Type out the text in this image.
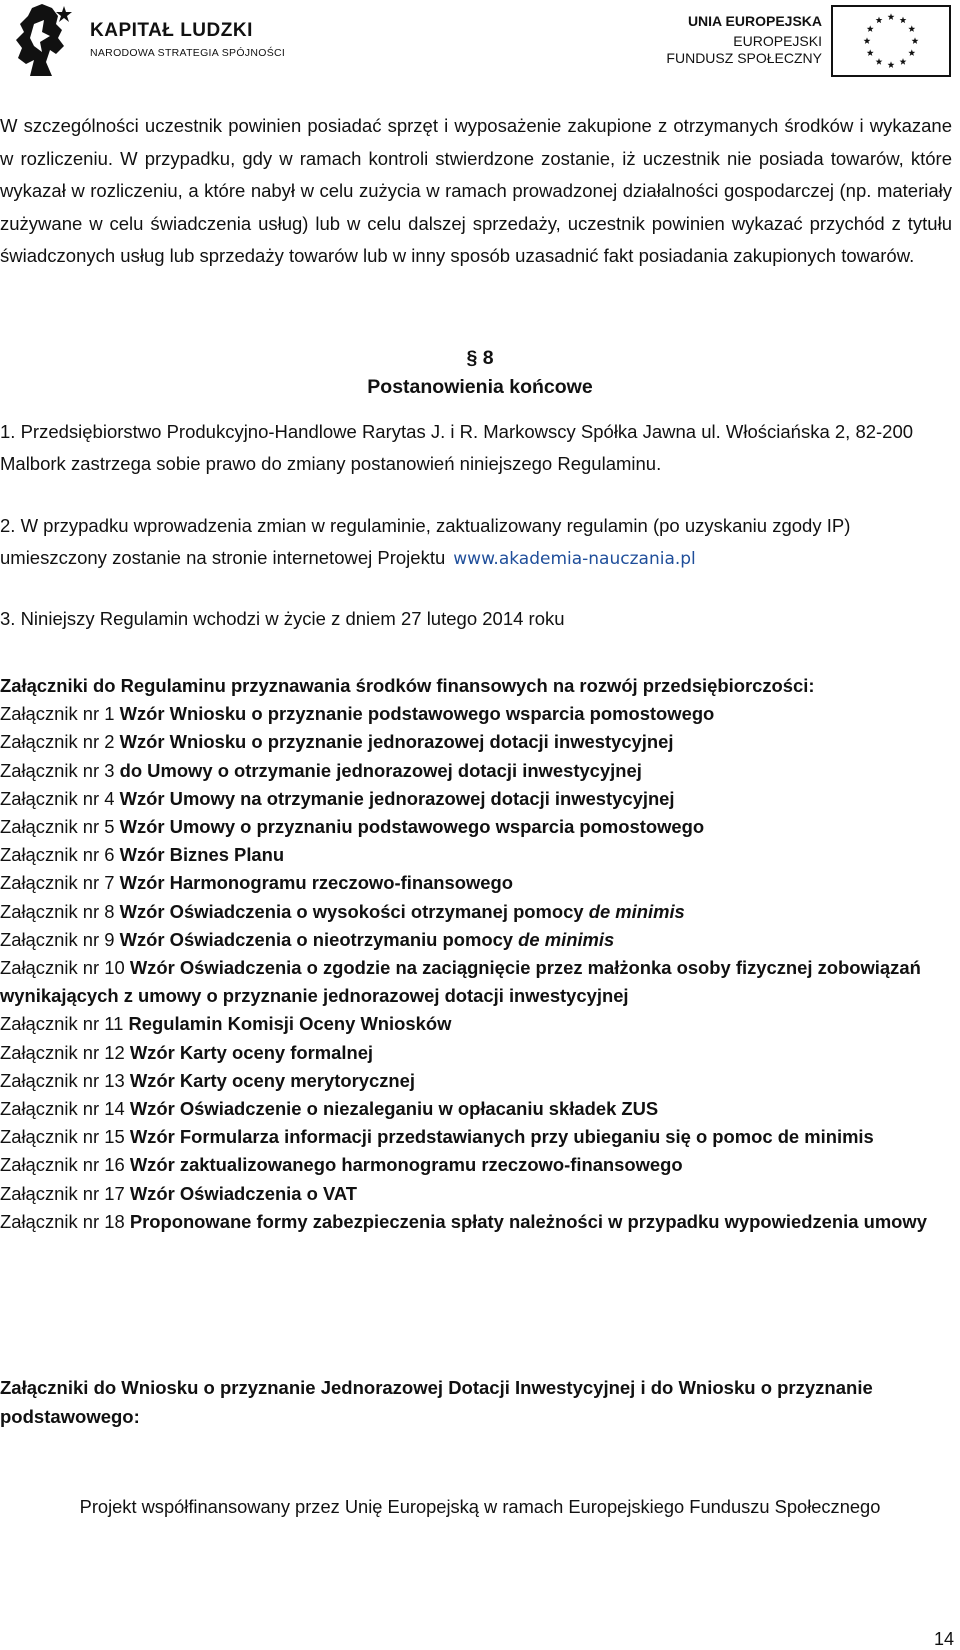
KAPITAŁ LUDZKI
NARODOWA STRATEGIA SPÓJNOŚCI
UNIA EUROPEJSKA
EUROPEJSKI
FUNDUSZ SPOŁECZNY

W szczególności uczestnik powinien posiadać sprzęt i wyposażenie zakupione z otrzymanych środków i wykazane w rozliczeniu. W przypadku, gdy w ramach kontroli stwierdzone zostanie, iż uczestnik nie posiada towarów, które wykazał w rozliczeniu, a które nabył w celu zużycia w ramach prowadzonej działalności gospodarczej (np. materiały zużywane w celu świadczenia usług) lub w celu dalszej sprzedaży, uczestnik powinien wykazać przychód z tytułu świadczonych usług lub sprzedaży towarów lub w inny sposób uzasadnić fakt posiadania zakupionych towarów.

§ 8
Postanowienia końcowe
1. Przedsiębiorstwo Produkcyjno-Handlowe Rarytas J. i R. Markowscy Spółka Jawna ul. Włościańska 2, 82-200 Malbork zastrzega sobie prawo do zmiany postanowień niniejszego Regulaminu.
2. W przypadku wprowadzenia zmian w regulaminie, zaktualizowany regulamin (po uzyskaniu zgody IP) umieszczony zostanie na stronie internetowej Projektu www.akademia-nauczania.pl
3. Niniejszy Regulamin wchodzi w życie z dniem 27 lutego 2014 roku
Załączniki do Regulaminu przyznawania środków finansowych na rozwój przedsiębiorczości:
Załącznik nr 1 Wzór Wniosku o przyznanie podstawowego wsparcia pomostowego
Załącznik nr 2 Wzór Wniosku o przyznanie jednorazowej dotacji inwestycyjnej
Załącznik nr 3 do Umowy o otrzymanie jednorazowej dotacji inwestycyjnej
Załącznik nr 4 Wzór Umowy na otrzymanie jednorazowej dotacji inwestycyjnej
Załącznik nr 5 Wzór Umowy o przyznaniu podstawowego wsparcia pomostowego
Załącznik nr 6 Wzór Biznes Planu
Załącznik nr 7 Wzór Harmonogramu rzeczowo-finansowego
Załącznik nr 8 Wzór Oświadczenia o wysokości otrzymanej pomocy de minimis
Załącznik nr 9 Wzór Oświadczenia o nieotrzymaniu pomocy de minimis
Załącznik nr 10 Wzór Oświadczenia o zgodzie na zaciągnięcie przez małżonka osoby fizycznej zobowiązań wynikających z umowy o przyznanie jednorazowej dotacji inwestycyjnej
Załącznik nr 11 Regulamin Komisji Oceny Wniosków
Załącznik nr 12 Wzór Karty oceny formalnej
Załącznik nr 13 Wzór Karty oceny merytorycznej
Załącznik nr 14 Wzór Oświadczenie o niezaleganiu w opłacaniu składek ZUS
Załącznik nr 15 Wzór Formularza informacji przedstawianych przy ubieganiu się o pomoc de minimis
Załącznik nr 16 Wzór zaktualizowanego harmonogramu rzeczowo-finansowego
Załącznik nr 17 Wzór Oświadczenia o VAT
Załącznik nr 18 Proponowane formy zabezpieczenia spłaty należności w przypadku wypowiedzenia umowy
Załączniki do Wniosku o przyznanie Jednorazowej Dotacji Inwestycyjnej i do Wniosku o przyznanie podstawowego:
Projekt współfinansowany przez Unię Europejską w ramach Europejskiego Funduszu Społecznego
14
